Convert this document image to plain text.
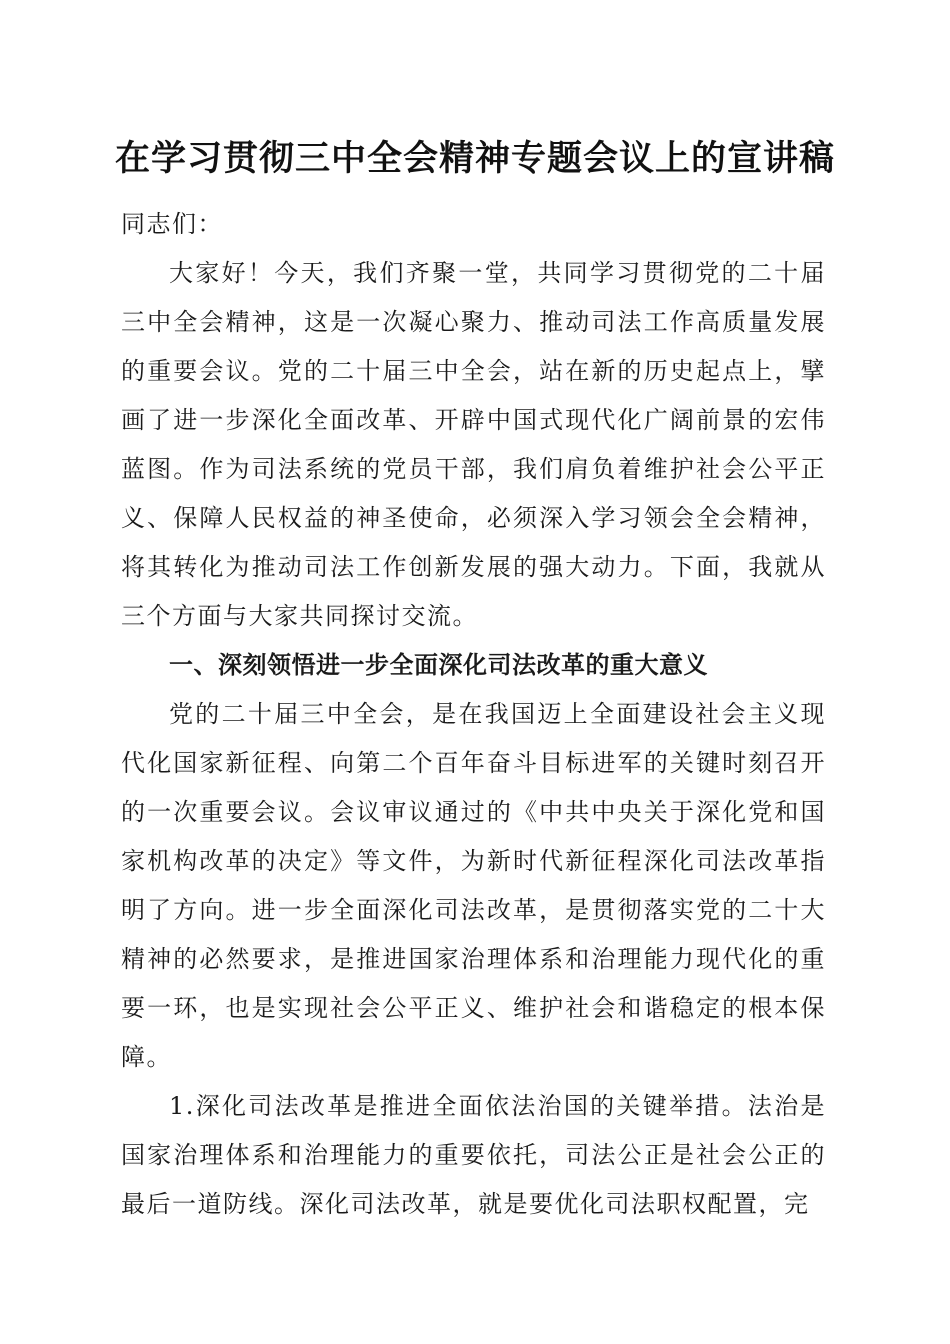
在学习贯彻三中全会精神专题会议上的宣讲稿

同志们：

大家好！今天，我们齐聚一堂，共同学习贯彻党的二十届三中全会精神，这是一次凝心聚力、推动司法工作高质量发展的重要会议。党的二十届三中全会，站在新的历史起点上，擘画了进一步深化全面改革、开辟中国式现代化广阔前景的宏伟蓝图。作为司法系统的党员干部，我们肩负着维护社会公平正义、保障人民权益的神圣使命，必须深入学习领会全会精神，将其转化为推动司法工作创新发展的强大动力。下面，我就从三个方面与大家共同探讨交流。

一、深刻领悟进一步全面深化司法改革的重大意义

党的二十届三中全会，是在我国迈上全面建设社会主义现代化国家新征程、向第二个百年奋斗目标进军的关键时刻召开的一次重要会议。会议审议通过的《中共中央关于深化党和国家机构改革的决定》等文件，为新时代新征程深化司法改革指明了方向。进一步全面深化司法改革，是贯彻落实党的二十大精神的必然要求，是推进国家治理体系和治理能力现代化的重要一环，也是实现社会公平正义、维护社会和谐稳定的根本保障。

1.深化司法改革是推进全面依法治国的关键举措。法治是国家治理体系和治理能力的重要依托，司法公正是社会公正的最后一道防线。深化司法改革，就是要优化司法职权配置，完
